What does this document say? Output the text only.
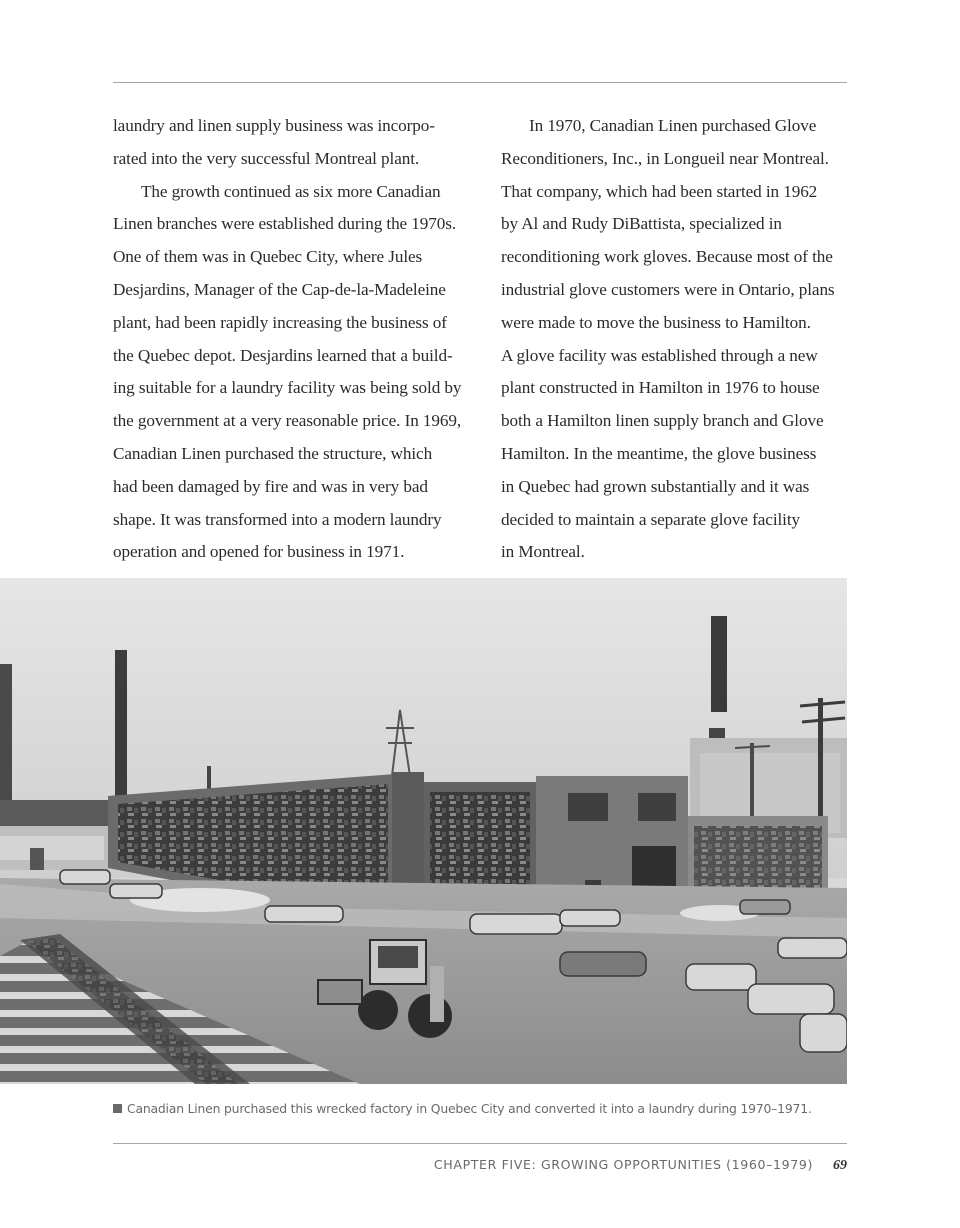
laundry and linen supply business was incorpo-
rated into the very successful Montreal plant.

The growth continued as six more Canadian
Linen branches were established during the 1970s.
One of them was in Quebec City, where Jules
Desjardins, Manager of the Cap-de-la-Madeleine
plant, had been rapidly increasing the business of
the Quebec depot. Desjardins learned that a build-
ing suitable for a laundry facility was being sold by
the government at a very reasonable price. In 1969,
Canadian Linen purchased the structure, which
had been damaged by fire and was in very bad
shape. It was transformed into a modern laundry
operation and opened for business in 1971.

In 1970, Canadian Linen purchased Glove
Reconditioners, Inc., in Longueil near Montreal.
That company, which had been started in 1962
by Al and Rudy DiBattista, specialized in
reconditioning work gloves. Because most of the
industrial glove customers were in Ontario, plans
were made to move the business to Hamilton.
A glove facility was established through a new
plant constructed in Hamilton in 1976 to house
both a Hamilton linen supply branch and Glove
Hamilton. In the meantime, the glove business
in Quebec had grown substantially and it was
decided to maintain a separate glove facility
in Montreal.

Canadian Linen purchased this wrecked factory in Quebec City and converted it into a laundry during 1970–1971.
CHAPTER FIVE: GROWING OPPORTUNITIES (1960–1979) 69
